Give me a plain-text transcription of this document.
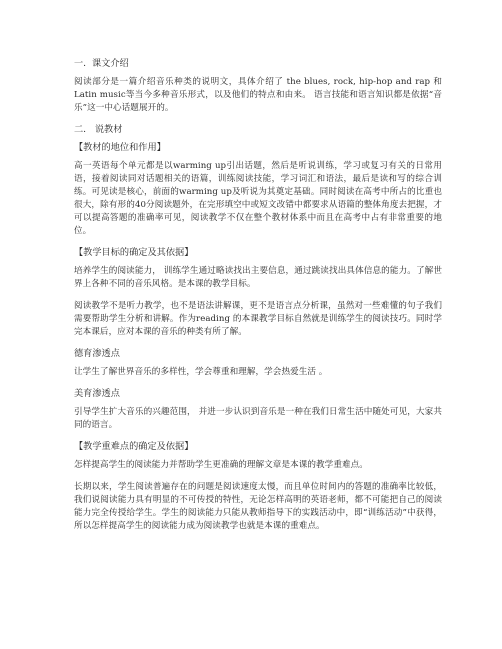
一.  课文介绍
阅读部分是一篇介绍音乐种类的说明文，具体介绍了 the blues, rock, hip-hop and rap 和Latin music等当今多种音乐形式，以及他们的特点和由来。 语言技能和语言知识都是依据“音乐”这一中心话题展开的。
二.   说教材
【教材的地位和作用】
高一英语每个单元都是以warming up引出话题，然后是听说训练，学习或复习有关的日常用语，接着阅读同对话题相关的语篇，训练阅读技能，学习词汇和语法，最后是读和写的综合训练。可见读是核心，前面的warming up及听说为其奠定基础。同时阅读在高考中所占的比重也很大，除有形的40分阅读题外，在完形填空中或短文改错中都要求从语篇的整体角度去把握，才可以提高答题的准确率可见，阅读教学不仅在整个教材体系中而且在高考中占有非常重要的地位。
【教学目标的确定及其依据】
培养学生的阅读能力， 训练学生通过略读找出主要信息，通过跳读找出具体信息的能力。了解世界上各种不同的音乐风格。是本课的教学目标。
阅读教学不是听力教学，也不是语法讲解课，更不是语言点分析课，虽然对一些难懂的句子我们需要帮助学生分析和讲解。作为reading 的本课教学目标自然就是训练学生的阅读技巧。同时学完本课后，应对本课的音乐的种类有所了解。
德育渗透点
让学生了解世界音乐的多样性，学会尊重和理解，学会热爱生活 。
美育渗透点
引导学生扩大音乐的兴趣范围， 并进一步认识到音乐是一种在我们日常生活中随处可见，大家共同的语言。
【教学重难点的确定及依据】
怎样提高学生的阅读能力并帮助学生更准确的理解文章是本课的教学重难点。
长期以来，学生阅读普遍存在的问题是阅读速度太慢，而且单位时间内的答题的准确率比较低，我们说阅读能力具有明显的不可传授的特性，无论怎样高明的英语老师，都不可能把自己的阅读能力完全传授给学生。学生的阅读能力只能从教师指导下的实践活动中，即“训练活动”中获得，所以怎样提高学生的阅读能力成为阅读教学也就是本课的重难点。
